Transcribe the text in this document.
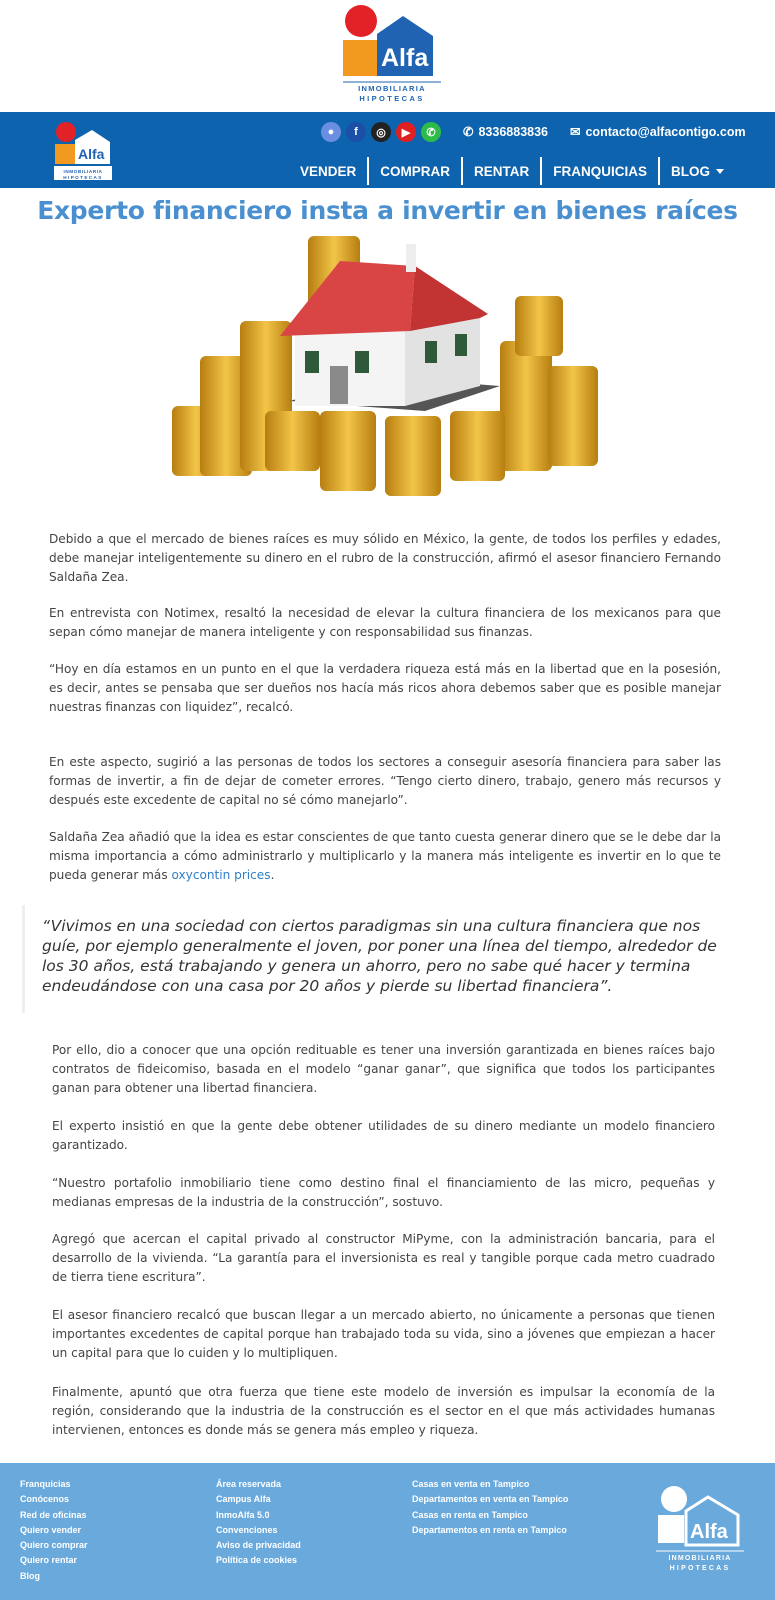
Alfa
INMOBILIARIA
HIPOTECAS
Alfa
INMOBILIARIA
HIPOTECAS
●	f	◎	▶	✆	✆ 8336883836 ✉ contacto@alfacontigo.com
VENDER	COMPRAR	RENTAR	FRANQUICIAS	BLOG
Experto financiero insta a invertir en bienes raíces

Debido a que el mercado de bienes raíces es muy sólido en México, la gente, de todos los perfiles y edades, debe manejar inteligentemente su dinero en el rubro de la construcción, afirmó el asesor financiero Fernando Saldaña Zea.

En entrevista con Notimex, resaltó la necesidad de elevar la cultura financiera de los mexicanos para que sepan cómo manejar de manera inteligente y con responsabilidad sus finanzas.

“Hoy en día estamos en un punto en el que la verdadera riqueza está más en la libertad que en la posesión, es decir, antes se pensaba que ser dueños nos hacía más ricos ahora debemos saber que es posible manejar nuestras finanzas con liquidez”, recalcó.

En este aspecto, sugirió a las personas de todos los sectores a conseguir asesoría financiera para saber las formas de invertir, a fin de dejar de cometer errores. “Tengo cierto dinero, trabajo, genero más recursos y después este excedente de capital no sé cómo manejarlo”.

Saldaña Zea añadió que la idea es estar conscientes de que tanto cuesta generar dinero que se le debe dar la misma importancia a cómo administrarlo y multiplicarlo y la manera más inteligente es invertir en lo que te pueda generar más oxycontin prices.

“Vivimos en una sociedad con ciertos paradigmas sin una cultura financiera que nos guíe, por ejemplo generalmente el joven, por poner una línea del tiempo, alrededor de los 30 años, está trabajando y genera un ahorro, pero no sabe qué hacer y termina endeudándose con una casa por 20 años y pierde su libertad financiera”.

Por ello, dio a conocer que una opción redituable es tener una inversión garantizada en bienes raíces bajo contratos de fideicomiso, basada en el modelo “ganar ganar”, que significa que todos los participantes ganan para obtener una libertad financiera.

El experto insistió en que la gente debe obtener utilidades de su dinero mediante un modelo financiero garantizado.

“Nuestro portafolio inmobiliario tiene como destino final el financiamiento de las micro, pequeñas y medianas empresas de la industria de la construcción”, sostuvo.

Agregó que acercan el capital privado al constructor MiPyme, con la administración bancaria, para el desarrollo de la vivienda. “La garantía para el inversionista es real y tangible porque cada metro cuadrado de tierra tiene escritura”.

El asesor financiero recalcó que buscan llegar a un mercado abierto, no únicamente a personas que tienen importantes excedentes de capital porque han trabajado toda su vida, sino a jóvenes que empiezan a hacer un capital para que lo cuiden y lo multipliquen.

Finalmente, apuntó que otra fuerza que tiene este modelo de inversión es impulsar la economía de la región, considerando que la industria de la construcción es el sector en el que más actividades humanas intervienen, entonces es donde más se genera más empleo y riqueza.

Franquicias
Conócenos
Red de oficinas
Quiero vender
Quiero comprar
Quiero rentar
Blog
Área reservada
Campus Alfa
InmoAlfa 5.0
Convenciones
Aviso de privacidad
Política de cookies
Casas en venta en Tampico
Departamentos en venta en Tampico
Casas en renta en Tampico
Departamentos en renta en Tampico	Alfa
INMOBILIARIA
HIPOTECAS
